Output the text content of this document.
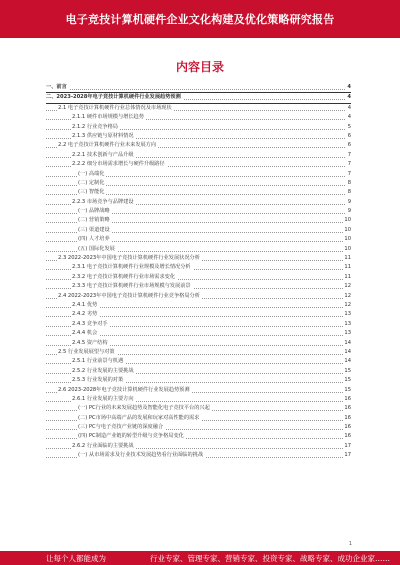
电子竞技计算机硬件企业文化构建及优化策略研究报告
内容目录
一、前言	4
二、2023-2028年电子竞技计算机硬件行业发展趋势预测	4
2.1 电子竞技计算机硬件行业总体情况及市场现状	4
2.1.1 硬件市场规模与增长趋势	4
2.1.2 行业竞争格局	5
2.1.3 供应链与原材料情况	6
2.2 电子竞技计算机硬件行业未来发展方向	6
2.2.1 技术创新与产品升级	7
2.2.2 细分市场需求增长与硬件升级路径	7
(一) 高端化	7
(二) 定制化	8
(三) 智能化	8
2.2.3 市场竞争与品牌建设	9
(一) 品牌战略	9
(二) 营销策略	10
(三) 渠道建设	10
(四) 人才培养	10
(五) 国际化发展	10
2.3 2022-2023年中国电子竞技计算机硬件行业发展状况分析	11
2.3.1 电子竞技计算机硬件行业规模及增长情况分析	11
2.3.2 电子竞技计算机硬件行业市场需求变化	11
2.3.3 电子竞技计算机硬件行业市场规模与发展前景	12
2.4 2022-2023年中国电子竞技计算机硬件行业竞争格局分析	12
2.4.1 优势	12
2.4.2 劣势	13
2.4.3 竞争对手	13
2.4.4 机会	13
2.4.5 资产结构	14
2.5 行业发展展望与对策	14
2.5.1 行业前景与机遇	14
2.5.2 行业发展的主要挑战	15
2.5.3 行业发展的对策	15
2.6 2023-2028年电子竞技计算机硬件行业发展趋势预测	15
2.6.1 行业发展的主要方向	16
(一) PC行业的未来发展趋势及智能化电子竞技平台的兴起	16
(二) PC市场中高端产品的发展和玩家对高性能的需求	16
(三) PC与电子竞技产业链的深度融合	16
(四) PC制造产业链的转型升级与竞争格局变化	16
2.6.2 行业面临的主要挑战	17
(一) 从市场需求及行业技术发展趋势看行业面临的挑战	17
1
让每个人都能成为	行业专家、管理专家、营销专家、投资专家、战略专家、成功企业家……
